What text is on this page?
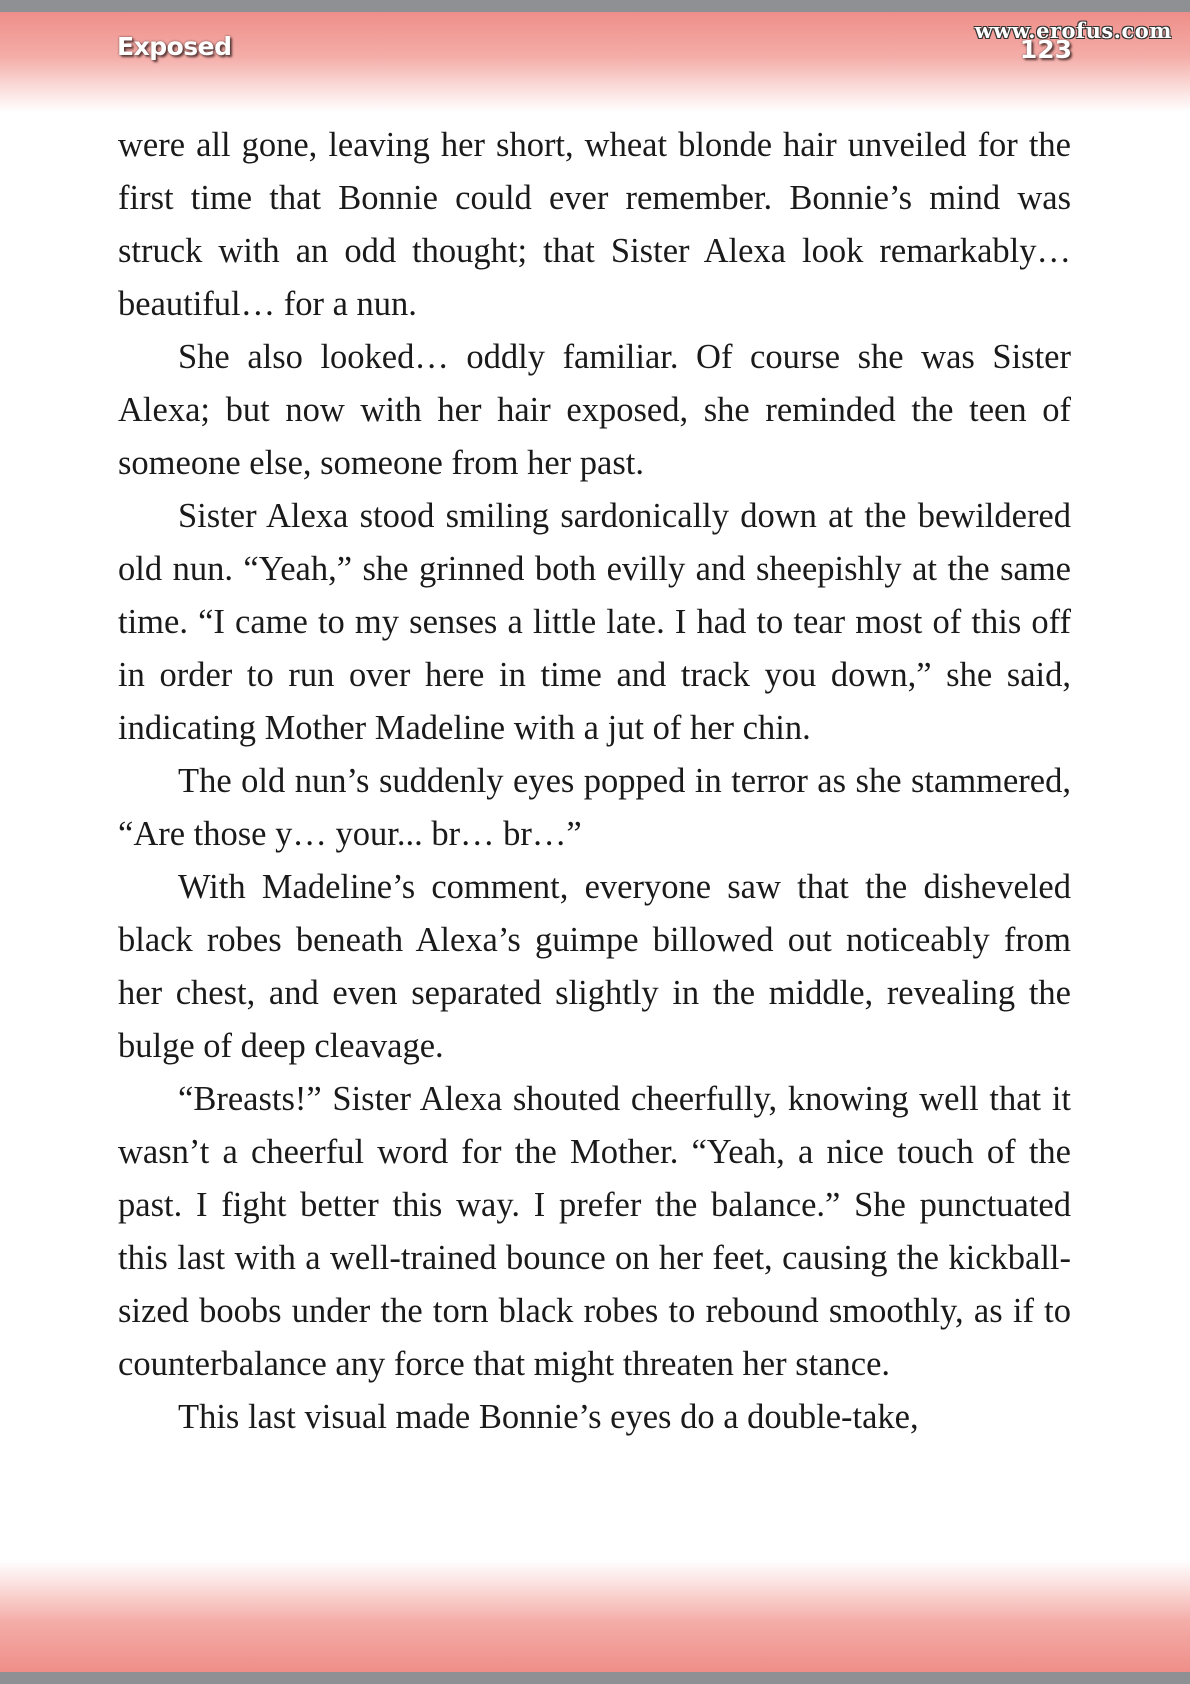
Exposed	123
www.erofus.com

were all gone, leaving her short, wheat blonde hair unveiled for the first time that Bonnie could ever remember. Bonnie’s mind was struck with an odd thought; that Sister Alexa look remarkably… beautiful… for a nun.

She also looked… oddly familiar. Of course she was Sister Alexa; but now with her hair exposed, she reminded the teen of someone else, someone from her past.

Sister Alexa stood smiling sardonically down at the bewildered old nun. “Yeah,” she grinned both evilly and sheepishly at the same time. “I came to my senses a little late. I had to tear most of this off in order to run over here in time and track you down,” she said, indicating Mother Madeline with a jut of her chin.

The old nun’s suddenly eyes popped in terror as she stammered, “Are those y… your... br… br…”

With Madeline’s comment, everyone saw that the disheveled black robes beneath Alexa’s guimpe billowed out noticeably from her chest, and even separated slightly in the middle, revealing the bulge of deep cleavage.

“Breasts!” Sister Alexa shouted cheerfully, knowing well that it wasn’t a cheerful word for the Mother. “Yeah, a nice touch of the past. I fight better this way. I prefer the balance.” She punctuated this last with a well-trained bounce on her feet, causing the kickball-sized boobs under the torn black robes to rebound smoothly, as if to counterbalance any force that might threaten her stance.

This last visual made Bonnie’s eyes do a double-take,
